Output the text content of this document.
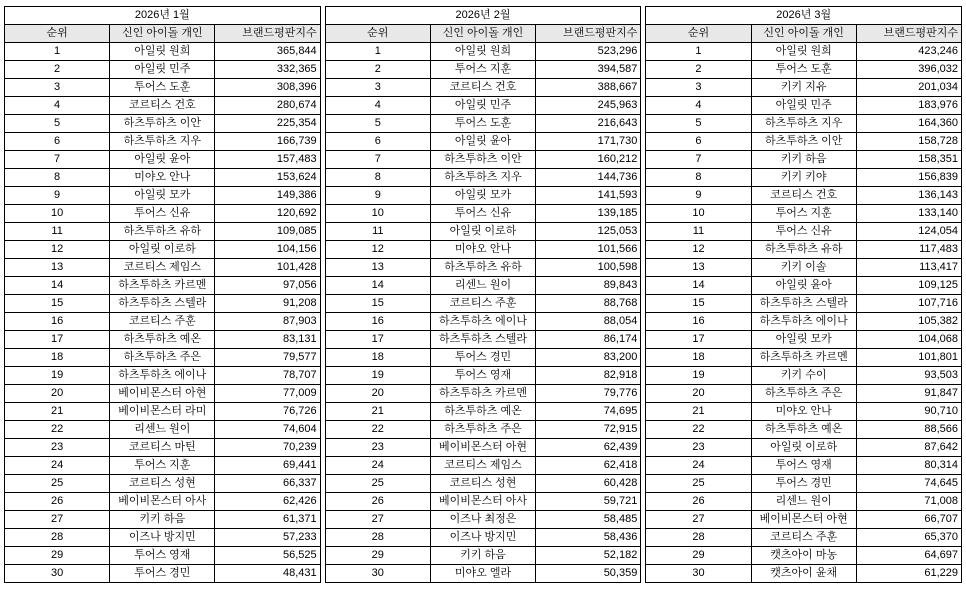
2026년 1월		
순위	신인 아이돌 개인	브랜드평판지수
1	아일릿 원희	365,844
2	아일릿 민주	332,365
3	투어스 도훈	308,396
4	코르티스 건호	280,674
5	하츠투하츠 이안	225,354
6	하츠투하츠 지우	166,739
7	아일릿 윤아	157,483
8	미야오 안나	153,624
9	아일릿 모카	149,386
10	투어스 신유	120,692
11	하츠투하츠 유하	109,085
12	아일릿 이로하	104,156
13	코르티스 제임스	101,428
14	하츠투하츠 카르멘	97,056
15	하츠투하츠 스텔라	91,208
16	코르티스 주훈	87,903
17	하츠투하츠 예온	83,131
18	하츠투하츠 주은	79,577
19	하츠투하츠 에이나	78,707
20	베이비몬스터 아현	77,009
21	베이비몬스터 라미	76,726
22	리센느 원이	74,604
23	코르티스 마틴	70,239
24	투어스 지훈	69,441
25	코르티스 성현	66,337
26	베이비몬스터 아사	62,426
27	키키 하음	61,371
28	이즈나 방지민	57,233
29	투어스 영재	56,525
30	투어스 경민	48,431
2026년 2월		
순위	신인 아이돌 개인	브랜드평판지수
1	아일릿 원희	523,296
2	투어스 지훈	394,587
3	코르티스 건호	388,667
4	아일릿 민주	245,963
5	투어스 도훈	216,643
6	아일릿 윤아	171,730
7	하츠투하츠 이안	160,212
8	하츠투하츠 지우	144,736
9	아일릿 모카	141,593
10	투어스 신유	139,185
11	아일릿 이로하	125,053
12	미야오 안나	101,566
13	하츠투하츠 유하	100,598
14	리센느 원이	89,843
15	코르티스 주훈	88,768
16	하츠투하츠 에이나	88,054
17	하츠투하츠 스텔라	86,174
18	투어스 경민	83,200
19	투어스 영재	82,918
20	하츠투하츠 카르멘	79,776
21	하츠투하츠 예온	74,695
22	하츠투하츠 주은	72,915
23	베이비몬스터 아현	62,439
24	코르티스 제임스	62,418
25	코르티스 성현	60,428
26	베이비몬스터 아사	59,721
27	이즈나 최정은	58,485
28	이즈나 방지민	58,436
29	키키 하음	52,182
30	미야오 엘라	50,359
2026년 3월		
순위	신인 아이돌 개인	브랜드평판지수
1	아일릿 원희	423,246
2	투어스 도훈	396,032
3	키키 지유	201,034
4	아일릿 민주	183,976
5	하츠투하츠 지우	164,360
6	하츠투하츠 이안	158,728
7	키키 하음	158,351
8	키키 키야	156,839
9	코르티스 건호	136,143
10	투어스 지훈	133,140
11	투어스 신유	124,054
12	하츠투하츠 유하	117,483
13	키키 이솔	113,417
14	아일릿 윤아	109,125
15	하츠투하츠 스텔라	107,716
16	하츠투하츠 에이나	105,382
17	아일릿 모카	104,068
18	하츠투하츠 카르멘	101,801
19	키키 수이	93,503
20	하츠투하츠 주은	91,847
21	미야오 안나	90,710
22	하츠투하츠 예온	88,566
23	아일릿 이로하	87,642
24	투어스 영재	80,314
25	투어스 경민	74,645
26	리센느 원이	71,008
27	베이비몬스터 아현	66,707
28	코르티스 주훈	65,370
29	캣츠아이 마농	64,697
30	캣츠아이 윤채	61,229
